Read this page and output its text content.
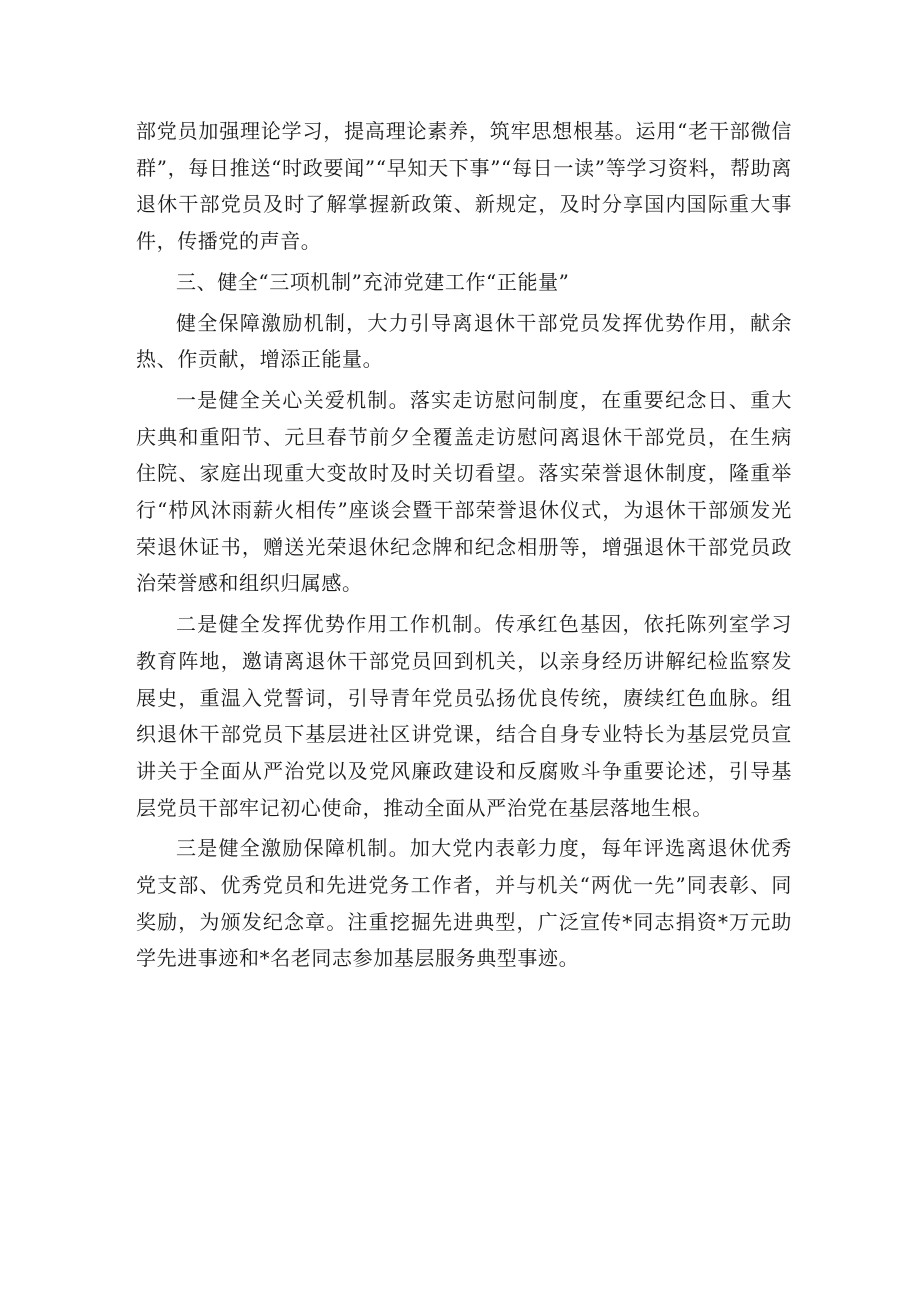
部党员加强理论学习，提高理论素养，筑牢思想根基。运用“老干部微信群”，每日推送“时政要闻”“早知天下事”“每日一读”等学习资料，帮助离退休干部党员及时了解掌握新政策、新规定，及时分享国内国际重大事件，传播党的声音。

三、健全“三项机制”充沛党建工作“正能量”

健全保障激励机制，大力引导离退休干部党员发挥优势作用，献余热、作贡献，增添正能量。

一是健全关心关爱机制。落实走访慰问制度，在重要纪念日、重大庆典和重阳节、元旦春节前夕全覆盖走访慰问离退休干部党员，在生病住院、家庭出现重大变故时及时关切看望。落实荣誉退休制度，隆重举行“栉风沐雨薪火相传”座谈会暨干部荣誉退休仪式，为退休干部颁发光荣退休证书，赠送光荣退休纪念牌和纪念相册等，增强退休干部党员政治荣誉感和组织归属感。

二是健全发挥优势作用工作机制。传承红色基因，依托陈列室学习教育阵地，邀请离退休干部党员回到机关，以亲身经历讲解纪检监察发展史，重温入党誓词，引导青年党员弘扬优良传统，赓续红色血脉。组织退休干部党员下基层进社区讲党课，结合自身专业特长为基层党员宣讲关于全面从严治党以及党风廉政建设和反腐败斗争重要论述，引导基层党员干部牢记初心使命，推动全面从严治党在基层落地生根。

三是健全激励保障机制。加大党内表彰力度，每年评选离退休优秀党支部、优秀党员和先进党务工作者，并与机关“两优一先”同表彰、同奖励，为颁发纪念章。注重挖掘先进典型，广泛宣传*同志捐资*万元助学先进事迹和*名老同志参加基层服务典型事迹。
